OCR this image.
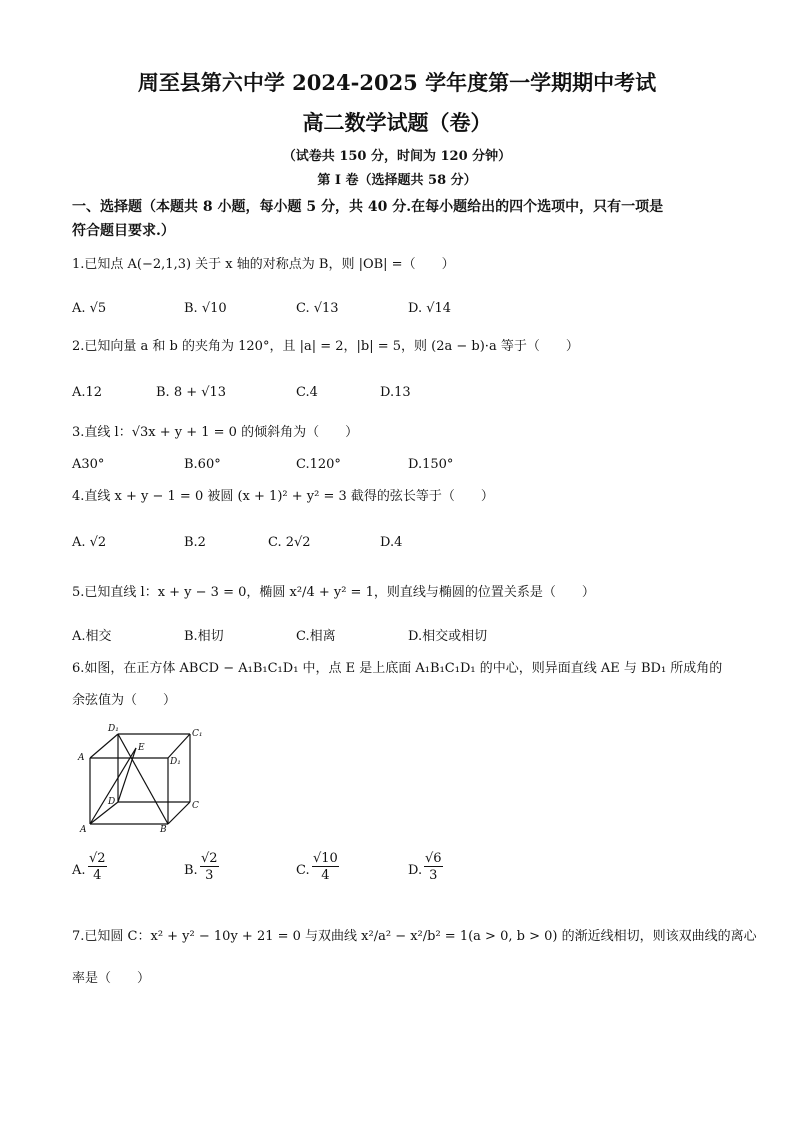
周至县第六中学 2024-2025 学年度第一学期期中考试
高二数学试题（卷）
（试卷共 150 分，时间为 120 分钟）
第 I 卷（选择题共 58 分）
一、选择题（本题共 8 小题，每小题 5 分，共 40 分.在每小题给出的四个选项中，只有一项是
符合题目要求.）
1.已知点 A(−2,1,3) 关于 x 轴的对称点为 B，则 |OB| =（　　）
A. √5	B. √10	C. √13	D. √14
2.已知向量 a 和 b 的夹角为 120°，且 |a| = 2，|b| = 5，则 (2a − b)·a 等于（　　）
A.12	B. 8 + √13	C.4	D.13
3.直线 l：√3x + y + 1 = 0 的倾斜角为（　　）
A30°	B.60°	C.120°	D.150°
4.直线 x + y − 1 = 0 被圆 (x + 1)² + y² = 3 截得的弦长等于（　　）
A. √2	B.2	C. 2√2	D.4
5.已知直线 l：x + y − 3 = 0，椭圆 x²/4 + y² = 1，则直线与椭圆的位置关系是（　　）
A.相交	B.相切	C.相离	D.相交或相切
6.如图，在正方体 ABCD − A₁B₁C₁D₁ 中，点 E 是上底面 A₁B₁C₁D₁ 的中心，则异面直线 AE 与 BD₁ 所成角的
余弦值为（　　）
D₁	C₁
A
E
D₁
D	C
A	B
A. $\frac{√2}{4}$	B. $\frac{√2}{3}$	C. $\frac{√10}{4}$	D. $\frac{√6}{3}$
7.已知圆 C：x² + y² − 10y + 21 = 0 与双曲线 x²/a² − x²/b² = 1(a > 0, b > 0) 的渐近线相切，则该双曲线的离心
率是（　　）
